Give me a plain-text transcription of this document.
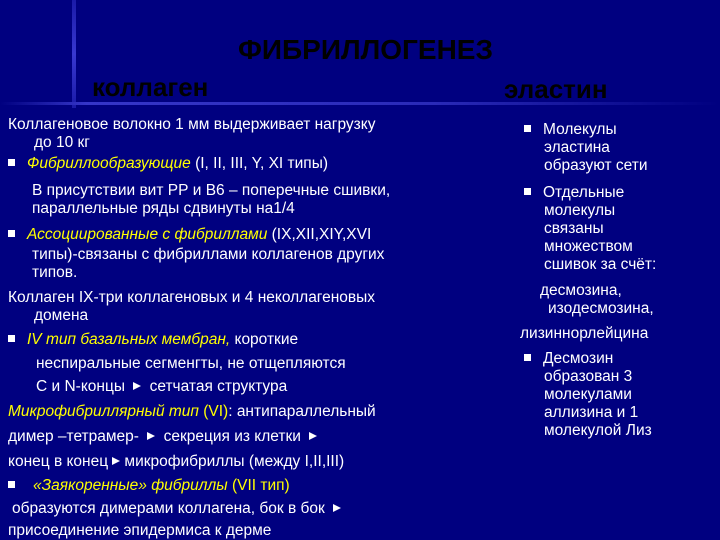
ФИБРИЛЛОГЕНЕЗ
коллаген	эластин
Коллагеновое волокно 1 мм выдерживает нагрузку
до 10 кг
Фибриллообразующие (I, II, III, Y, XI типы)
В присутствии вит РР и В6 – поперечные сшивки,
параллельные ряды сдвинуты на1/4
Ассоциированные с фибриллами (IX,XII,XIY,XVI
типы)-связаны с фибриллами коллагенов других
типов.
Коллаген IX-три коллагеновых и 4 неколлагеновых
домена
IV тип базальных мембран, короткие
неспиральные сегменгты, не отщепляются
С и N-концы  сетчатая структура
Микрофибриллярный тип (VI): антипараллельный
димер –тетрамер-  секреция из клетки
конец в конец микрофибриллы (между I,II,III)
«Заякоренные» фибриллы (VII тип)
образуются димерами коллагена, бок в бок
присоединение эпидермиса к дерме
Молекулы
эластина
образуют сети
Отдельные
молекулы
связаны
множеством
сшивок за счёт:
десмозина,
изодесмозина,
лизиннорлейцина
Десмозин
образован 3
молекулами
аллизина и 1
молекулой Лиз
